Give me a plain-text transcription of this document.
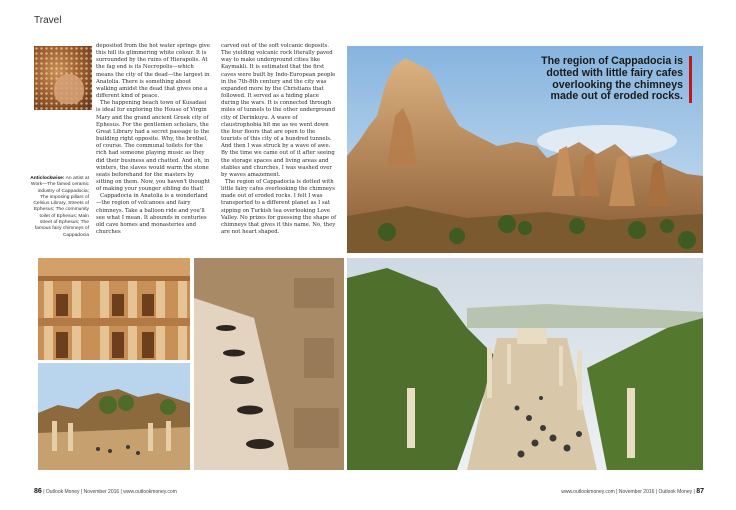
Travel
Anticlockwise: An artist at Work—The famed ceramic industry of Cappadocia; The imposing pillars of Celsius Library, Streets of Ephesus; The community toilet of Ephesus; Main street of Ephesus; The famous fairy chimneys of Cappadocia

deposited from the hot water springs give this hill its glimmering white colour. It is surrounded by the ruins of Hierapolis. At the fag end is its Necropolis—which means the city of the dead—the largest in Anatolia. There is something about walking amidst the dead that gives one a different kind of peace.

The happening beach town of Kusadasi is ideal for exploring the House of Virgin Mary and the grand ancient Greek city of Ephesus. For the gentlemen scholars, the Great Library had a secret passage to the building right opposite. Why, the brothel, of course. The communal toilets for the rich had someone playing music as they did their business and chatted. And oh, in winters, the slaves would warm the stone seats beforehand for the masters by sitting on them. Now, you haven't thought of making your younger sibling do that!

Cappadocia in Anatolia is a wonderland—the region of volcanoes and fairy chimneys. Take a balloon ride and you'll see what I mean. It abounds in centuries old cave homes and monasteries and churches

carved out of the soft volcanic deposits. The yielding volcanic rock literally paved way to make underground cities like Kaymakli. It is estimated that the first caves were built by Indo-European people in the 7th-8th century and the city was expanded more by the Christians that followed. It served as a hiding place during the wars. It is connected through miles of tunnels to the other underground city of Derinkuyu. A wave of claustrophobia hit me as we went down the four floors that are open to the tourists of this city of a hundred tunnels. And then I was struck by a wave of awe. By the time we came out of it after seeing the storage spaces and living areas and stables and churches, I was washed over by waves amazement.

The region of Cappadocia is dotted with little fairy cafes overlooking the chimneys made out of eroded rocks. I felt I was transported to a different planet as I sat sipping on Turkish tea overlooking Love Valley. No prizes for guessing the shape of chimneys that gives it this name. No, they are not heart shaped.

The region of Cappadocia is dotted with little fairy cafes overlooking the chimneys made out of eroded rocks.
86 | Outlook Money | November 2016 | www.outlookmoney.com	www.outlookmoney.com | November 2016 | Outlook Money | 87
